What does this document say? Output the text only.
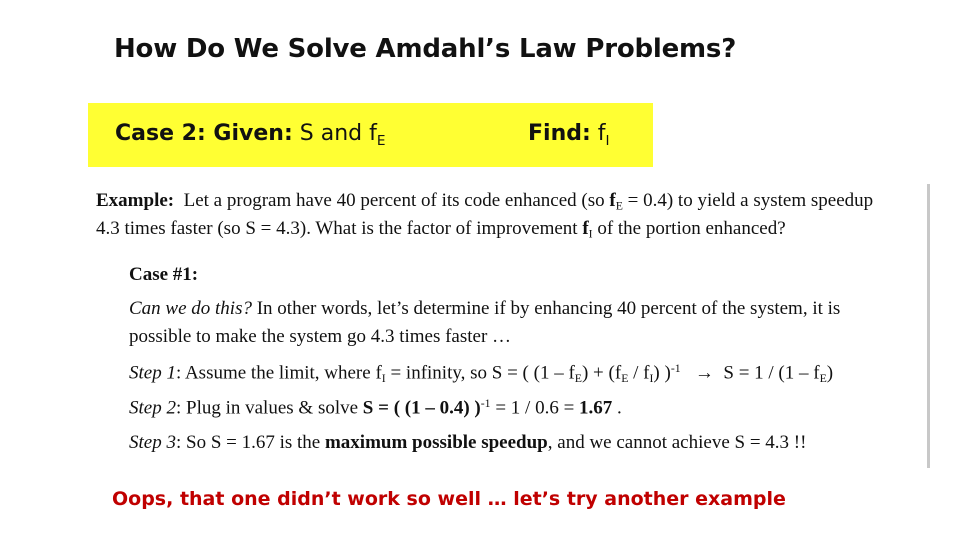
How Do We Solve Amdahl’s Law Problems?
Case 2: Given: S and $f_E$	Find: $f_I$
Example: Let a program have 40 percent of its code enhanced (so $f_E = 0.4$) to yield a system speedup
4.3 times faster (so S = 4.3). What is the factor of improvement $f_I$ of the portion enhanced?
Case #1:
Can we do this? In other words, let’s determine if by enhancing 40 percent of the system, it is
possible to make the system go 4.3 times faster …
Step 1: Assume the limit, where $f_I$ = infinity, so S = ( $(1 - f_E) + (f_E / f_I)$ )$^{-1} \to S = 1 / (1 - f_E)$
Step 2: Plug in values & solve S = ( (1 – 0.4) )$^{-1}$ = 1 / 0.6 = 1.67 .
Step 3: So S = 1.67 is the maximum possible speedup, and we cannot achieve S = 4.3 !!
Oops, that one didn’t work so well … let’s try another example
